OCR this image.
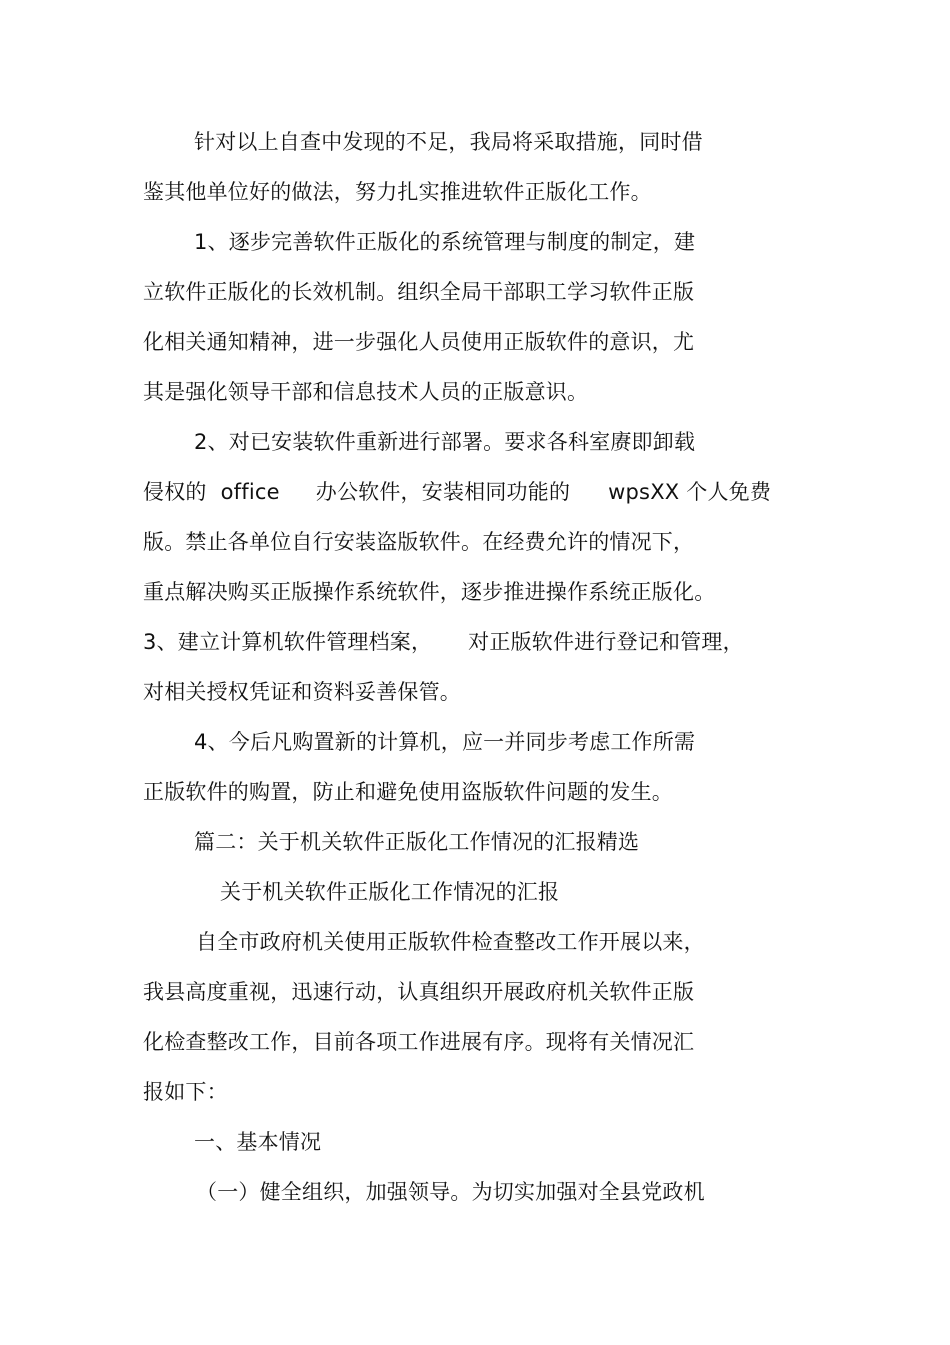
针对以上自查中发现的不足，我局将采取措施，同时借
鉴其他单位好的做法，努力扎实推进软件正版化工作。
1、逐步完善软件正版化的系统管理与制度的制定，建
立软件正版化的长效机制。组织全局干部职工学习软件正版
化相关通知精神，进一步强化人员使用正版软件的意识，尤
其是强化领导干部和信息技术人员的正版意识。
2、对已安装软件重新进行部署。要求各科室赓即卸载
侵权的 office 办公软件，安装相同功能的 wpsXX 个人免费
版。禁止各单位自行安装盗版软件。在经费允许的情况下，
重点解决购买正版操作系统软件，逐步推进操作系统正版化。
3、建立计算机软件管理档案， 对正版软件进行登记和管理，
对相关授权凭证和资料妥善保管。
4、今后凡购置新的计算机，应一并同步考虑工作所需
正版软件的购置，防止和避免使用盗版软件问题的发生。
篇二：关于机关软件正版化工作情况的汇报精选
关于机关软件正版化工作情况的汇报
自全市政府机关使用正版软件检查整改工作开展以来，
我县高度重视，迅速行动，认真组织开展政府机关软件正版
化检查整改工作，目前各项工作进展有序。现将有关情况汇
报如下：
一、基本情况
（一）健全组织，加强领导。为切实加强对全县党政机
